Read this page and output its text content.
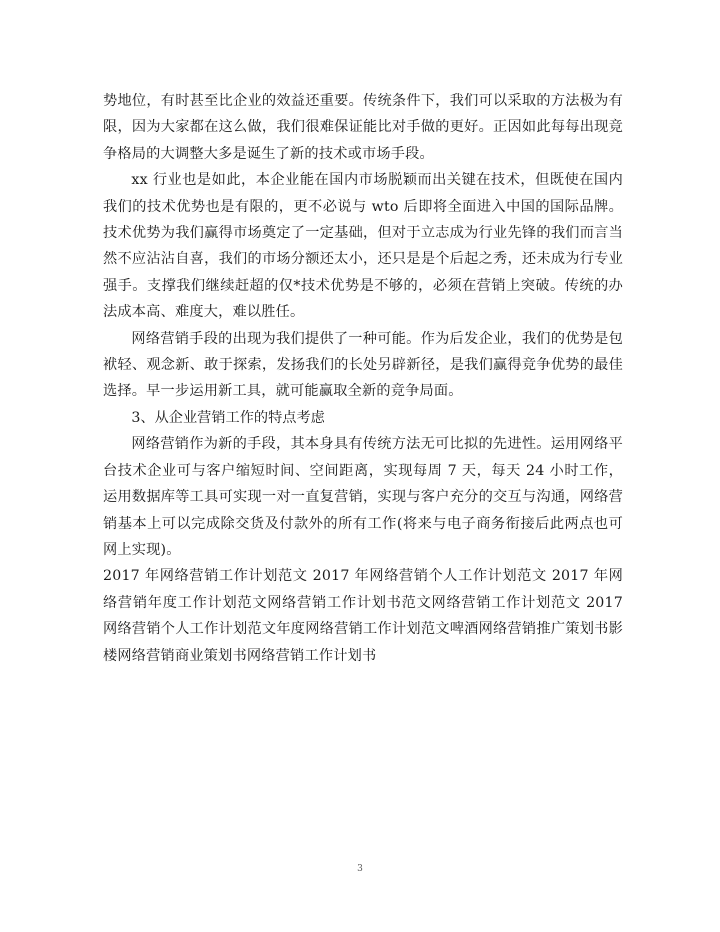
势地位，有时甚至比企业的效益还重要。传统条件下，我们可以采取的方法极为有限，因为大家都在这么做，我们很难保证能比对手做的更好。正因如此每每出现竞争格局的大调整大多是诞生了新的技术或市场手段。

xx 行业也是如此，本企业能在国内市场脱颖而出关键在技术，但既使在国内我们的技术优势也是有限的，更不必说与 wto 后即将全面进入中国的国际品牌。技术优势为我们赢得市场奠定了一定基础，但对于立志成为行业先锋的我们而言当然不应沾沾自喜，我们的市场分额还太小，还只是是个后起之秀，还未成为行专业强手。支撑我们继续赶超的仅*技术优势是不够的，必须在营销上突破。传统的办法成本高、难度大，难以胜任。

网络营销手段的出现为我们提供了一种可能。作为后发企业，我们的优势是包袱轻、观念新、敢于探索，发扬我们的长处另辟新径，是我们赢得竞争优势的最佳选择。早一步运用新工具，就可能赢取全新的竞争局面。

3、从企业营销工作的特点考虑

网络营销作为新的手段，其本身具有传统方法无可比拟的先进性。运用网络平台技术企业可与客户缩短时间、空间距离，实现每周 7 天，每天 24 小时工作，运用数据库等工具可实现一对一直复营销，实现与客户充分的交互与沟通，网络营销基本上可以完成除交货及付款外的所有工作(将来与电子商务衔接后此两点也可网上实现)。

2017 年网络营销工作计划范文 2017 年网络营销个人工作计划范文 2017 年网络营销年度工作计划范文网络营销工作计划书范文网络营销工作计划范文 2017 网络营销个人工作计划范文年度网络营销工作计划范文啤酒网络营销推广策划书影楼网络营销商业策划书网络营销工作计划书

3
